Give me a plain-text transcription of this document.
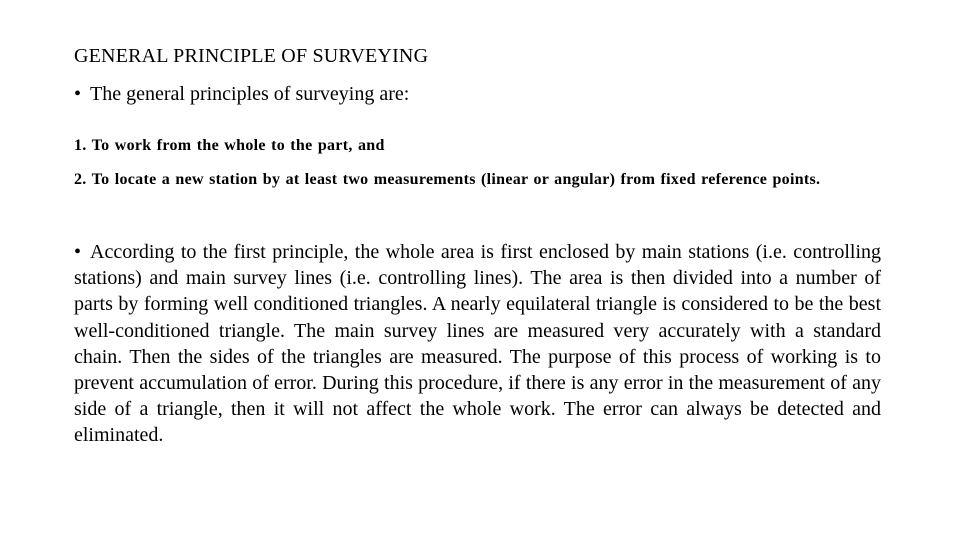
GENERAL PRINCIPLE OF SURVEYING
• The general principles of surveying are:
1. To work from the whole to the part, and
2. To locate a new station by at least two measurements (linear or angular) from fixed reference points.
• According to the first principle, the whole area is first enclosed by main stations (i.e. controlling stations) and main survey lines (i.e. controlling lines). The area is then divided into a number of parts by forming well conditioned triangles. A nearly equilateral triangle is considered to be the best well-conditioned triangle. The main survey lines are measured very accurately with a standard chain. Then the sides of the triangles are measured. The purpose of this process of working is to prevent accumulation of error. During this procedure, if there is any error in the measurement of any side of a triangle, then it will not affect the whole work. The error can always be detected and eliminated.
